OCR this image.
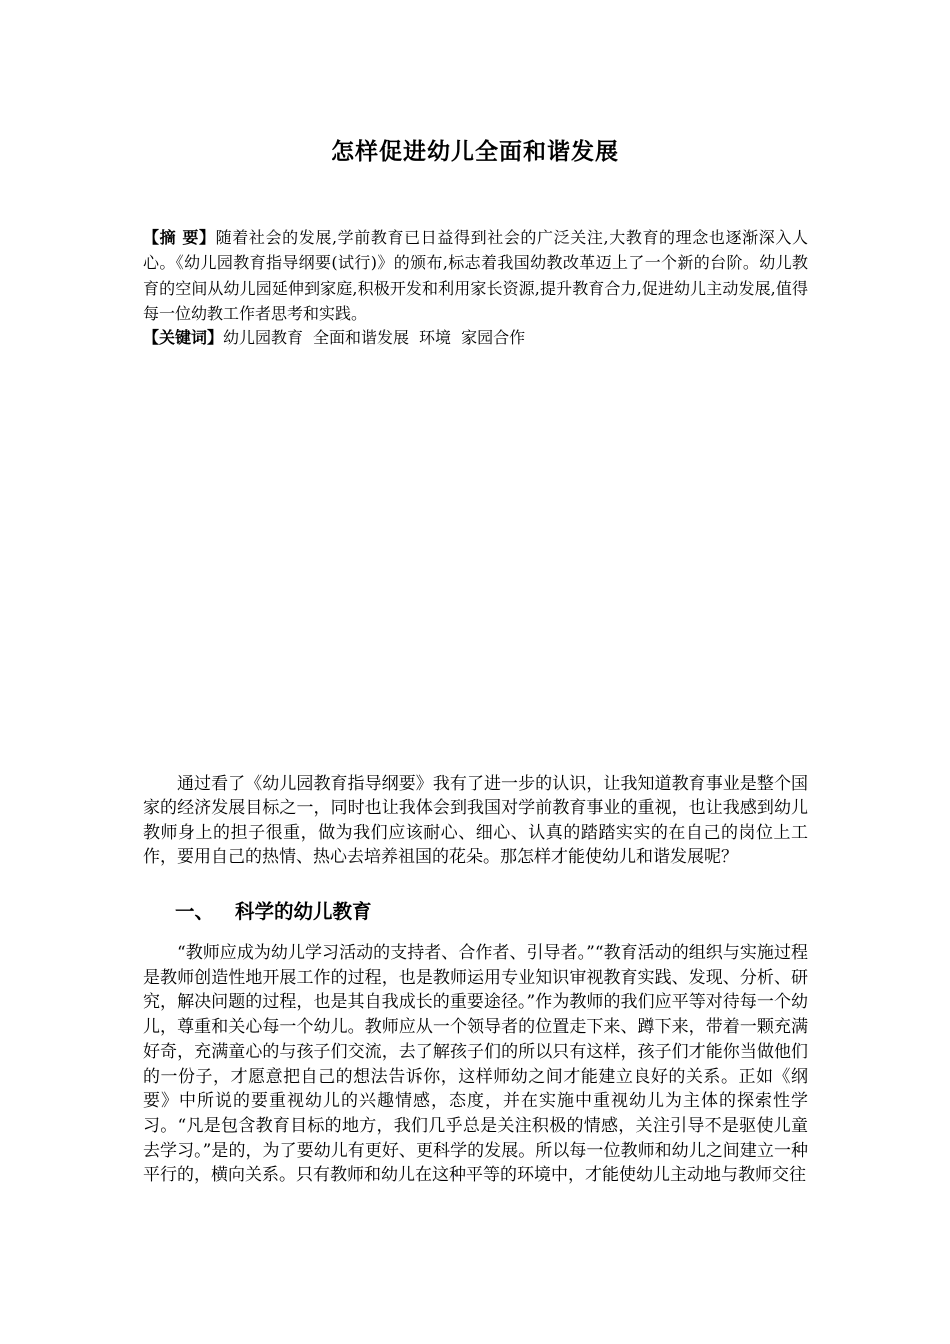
怎样促进幼儿全面和谐发展
【摘 要】随着社会的发展,学前教育已日益得到社会的广泛关注,大教育的理念也逐渐深入人心。《幼儿园教育指导纲要(试行)》的颁布,标志着我国幼教改革迈上了一个新的台阶。幼儿教育的空间从幼儿园延伸到家庭,积极开发和利用家长资源,提升教育合力,促进幼儿主动发展,值得每一位幼教工作者思考和实践。
【关键词】幼儿园教育 全面和谐发展 环境 家园合作
通过看了《幼儿园教育指导纲要》我有了进一步的认识，让我知道教育事业是整个国家的经济发展目标之一，同时也让我体会到我国对学前教育事业的重视，也让我感到幼儿教师身上的担子很重，做为我们应该耐心、细心、认真的踏踏实实的在自己的岗位上工作，要用自己的热情、热心去培养祖国的花朵。那怎样才能使幼儿和谐发展呢？
一、 科学的幼儿教育
“教师应成为幼儿学习活动的支持者、合作者、引导者。”“教育活动的组织与实施过程是教师创造性地开展工作的过程，也是教师运用专业知识审视教育实践、发现、分析、研究，解决问题的过程，也是其自我成长的重要途径。”作为教师的我们应平等对待每一个幼儿，尊重和关心每一个幼儿。教师应从一个领导者的位置走下来、蹲下来，带着一颗充满好奇，充满童心的与孩子们交流，去了解孩子们的所以只有这样，孩子们才能你当做他们的一份子，才愿意把自己的想法告诉你，这样师幼之间才能建立良好的关系。正如《纲要》中所说的要重视幼儿的兴趣情感，态度，并在实施中重视幼儿为主体的探索性学习。“凡是包含教育目标的地方，我们几乎总是关注积极的情感，关注引导不是驱使儿童去学习。”是的，为了要幼儿有更好、更科学的发展。所以每一位教师和幼儿之间建立一种平行的，横向关系。只有教师和幼儿在这种平等的环境中，才能使幼儿主动地与教师交往
